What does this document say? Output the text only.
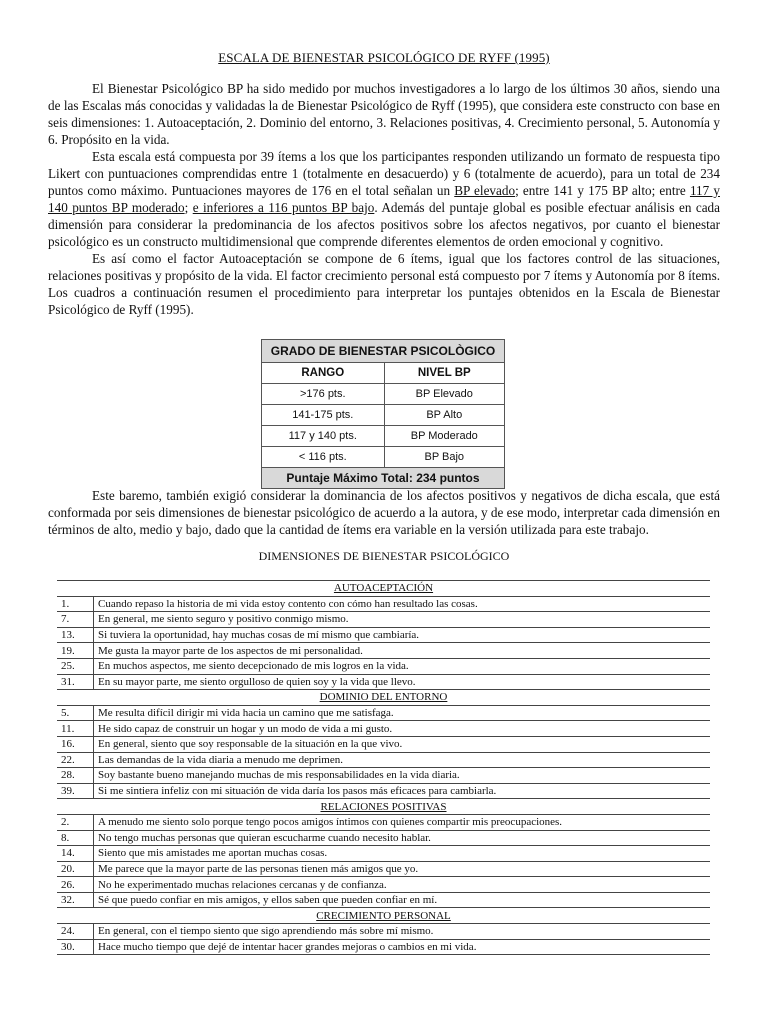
ESCALA DE BIENESTAR PSICOLÓGICO DE RYFF (1995)

El Bienestar Psicológico BP ha sido medido por muchos investigadores a lo largo de los últimos 30 años, siendo una de las Escalas más conocidas y validadas la de Bienestar Psicológico de Ryff (1995), que considera este constructo con base en seis dimensiones: 1. Autoaceptación, 2. Dominio del entorno, 3. Relaciones positivas, 4. Crecimiento personal, 5. Autonomía y 6. Propósito en la vida.

Esta escala está compuesta por 39 ítems a los que los participantes responden utilizando un formato de respuesta tipo Likert con puntuaciones comprendidas entre 1 (totalmente en desacuerdo) y 6 (totalmente de acuerdo), para un total de 234 puntos como máximo. Puntuaciones mayores de 176 en el total señalan un BP elevado; entre 141 y 175 BP alto; entre 117 y 140 puntos BP moderado; e inferiores a 116 puntos BP bajo. Además del puntaje global es posible efectuar análisis en cada dimensión para considerar la predominancia de los afectos positivos sobre los afectos negativos, por cuanto el bienestar psicológico es un constructo multidimensional que comprende diferentes elementos de orden emocional y cognitivo.

Es así como el factor Autoaceptación se compone de 6 ítems, igual que los factores control de las situaciones, relaciones positivas y propósito de la vida. El factor crecimiento personal está compuesto por 7 ítems y Autonomía por 8 ítems. Los cuadros a continuación resumen el procedimiento para interpretar los puntajes obtenidos en la Escala de Bienestar Psicológico de Ryff (1995).

GRADO DE BIENESTAR PSICOLÒGICO	
RANGO	NIVEL BP
>176 pts.	BP Elevado
141-175 pts.	BP Alto
117 y 140 pts.	BP Moderado
< 116 pts.	BP Bajo
Puntaje Máximo Total: 234 puntos	

Este baremo, también exigió considerar la dominancia de los afectos positivos y negativos de dicha escala, que está conformada por seis dimensiones de bienestar psicológico de acuerdo a la autora, y de ese modo, interpretar cada dimensión en términos de alto, medio y bajo, dado que la cantidad de ítems era variable en la versión utilizada para este trabajo.

DIMENSIONES DE BIENESTAR PSICOLÓGICO
AUTOACEPTACIÓN	
1.	Cuando repaso la historia de mi vida estoy contento con cómo han resultado las cosas.
7.	En general, me siento seguro y positivo conmigo mismo.
13.	Si tuviera la oportunidad, hay muchas cosas de mí mismo que cambiaría.
19.	Me gusta la mayor parte de los aspectos de mi personalidad.
25.	En muchos aspectos, me siento decepcionado de mis logros en la vida.
31.	En su mayor parte, me siento orgulloso de quien soy y la vida que llevo.
DOMINIO DEL ENTORNO	
5.	Me resulta difícil dirigir mi vida hacia un camino que me satisfaga.
11.	He sido capaz de construir un hogar y un modo de vida a mi gusto.
16.	En general, siento que soy responsable de la situación en la que vivo.
22.	Las demandas de la vida diaria a menudo me deprimen.
28.	Soy bastante bueno manejando muchas de mis responsabilidades en la vida diaria.
39.	Si me sintiera infeliz con mi situación de vida daría los pasos más eficaces para cambiarla.
RELACIONES POSITIVAS	
2.	A menudo me siento solo porque tengo pocos amigos íntimos con quienes compartir mis preocupaciones.
8.	No tengo muchas personas que quieran escucharme cuando necesito hablar.
14.	Siento que mis amistades me aportan muchas cosas.
20.	Me parece que la mayor parte de las personas tienen más amigos que yo.
26.	No he experimentado muchas relaciones cercanas y de confianza.
32.	Sé que puedo confiar en mis amigos, y ellos saben que pueden confiar en mí.
CRECIMIENTO PERSONAL	
24.	En general, con el tiempo siento que sigo aprendiendo más sobre mí mismo.
30.	Hace mucho tiempo que dejé de intentar hacer grandes mejoras o cambios en mi vida.
